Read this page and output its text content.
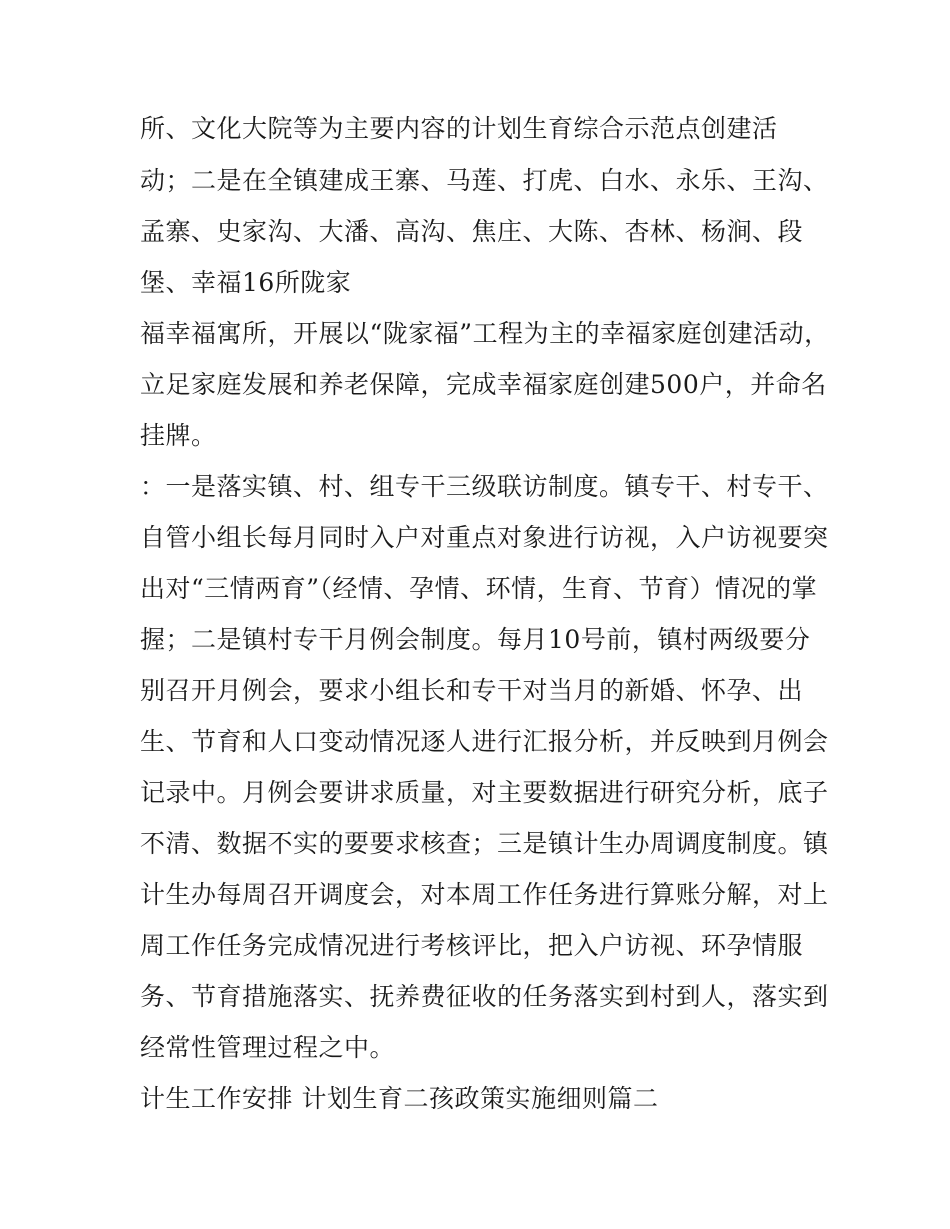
所、文化大院等为主要内容的计划生育综合示范点创建活
动；二是在全镇建成王寨、马莲、打虎、白水、永乐、王沟、
孟寨、史家沟、大潘、高沟、焦庄、大陈、杏林、杨涧、段
堡、幸福16所陇家
福幸福寓所，开展以“陇家福”工程为主的幸福家庭创建活动，
立足家庭发展和养老保障，完成幸福家庭创建500户，并命名
挂牌。
：一是落实镇、村、组专干三级联访制度。镇专干、村专干、
自管小组长每月同时入户对重点对象进行访视，入户访视要突
出对“三情两育”（经情、孕情、环情，生育、节育）情况的掌
握；二是镇村专干月例会制度。每月10号前，镇村两级要分
别召开月例会，要求小组长和专干对当月的新婚、怀孕、出
生、节育和人口变动情况逐人进行汇报分析，并反映到月例会
记录中。月例会要讲求质量，对主要数据进行研究分析，底子
不清、数据不实的要要求核查；三是镇计生办周调度制度。镇
计生办每周召开调度会，对本周工作任务进行算账分解，对上
周工作任务完成情况进行考核评比，把入户访视、环孕情服
务、节育措施落实、抚养费征收的任务落实到村到人，落实到
经常性管理过程之中。
计生工作安排 计划生育二孩政策实施细则篇二
